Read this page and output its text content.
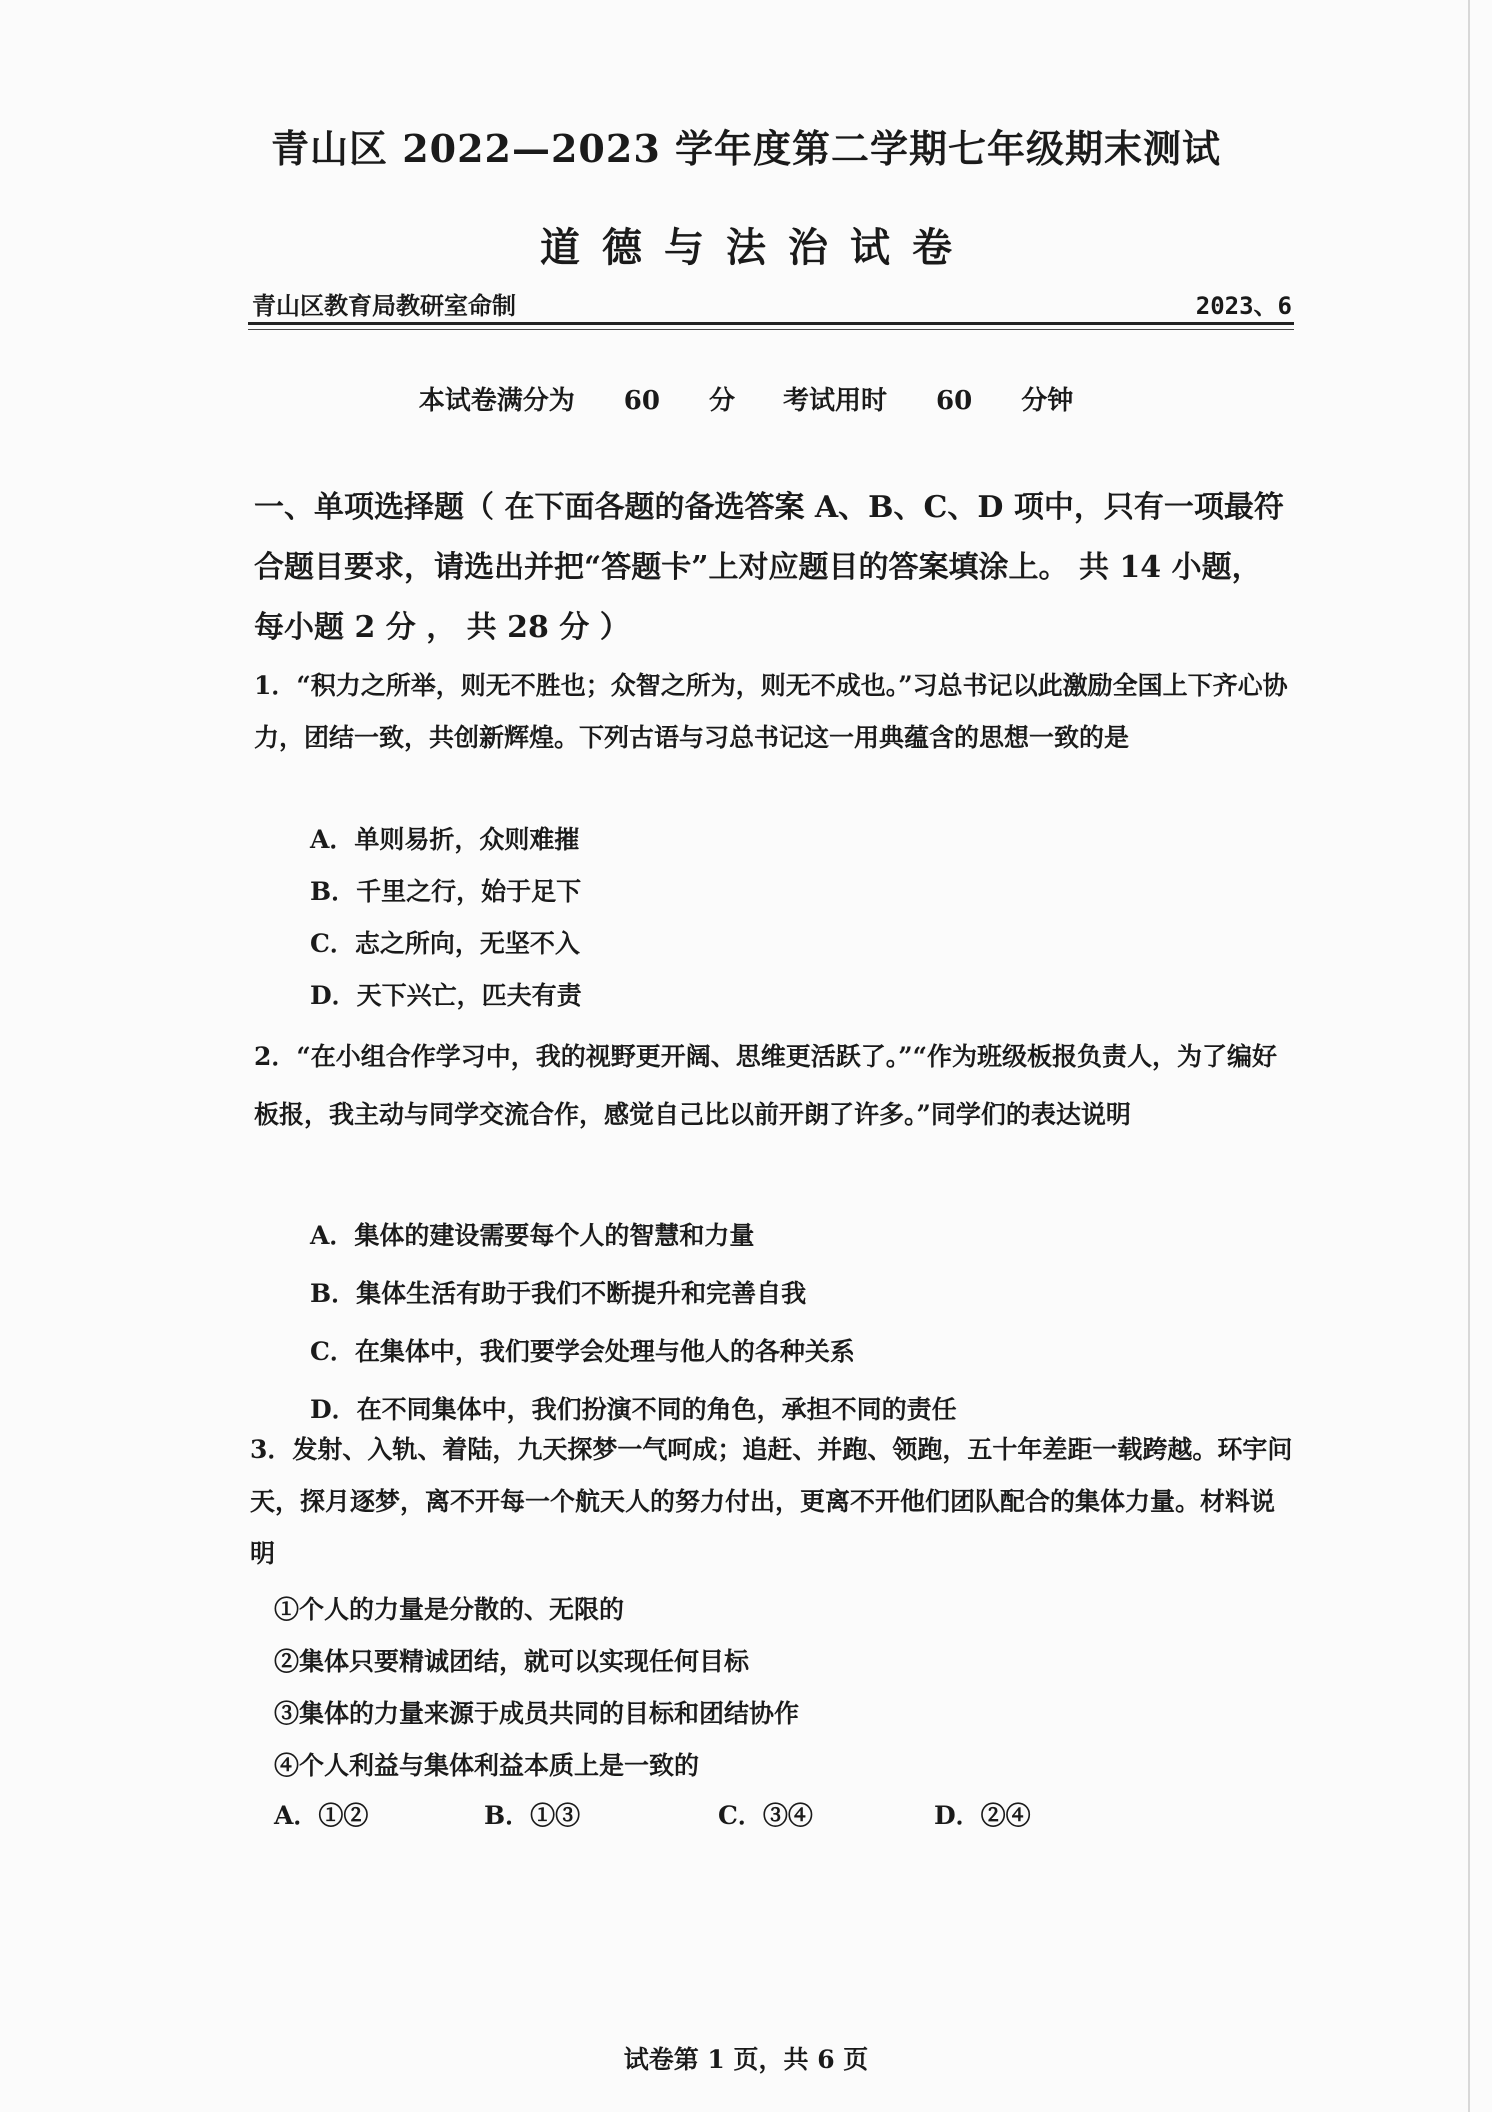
青山区 2022—2023 学年度第二学期七年级期末测试
道德与法治试卷
青山区教育局教研室命制	2023、6
本试卷满分为 60 分 考试用时 60 分钟
一、单项选择题（ 在下面各题的备选答案 A、B、C、D 项中，只有一项最符合题目要求，请选出并把“答题卡”上对应题目的答案填涂上。 共 14 小题， 每小题 2 分 ， 共 28 分 ）
1．“积力之所举，则无不胜也；众智之所为，则无不成也。”习总书记以此激励全国上下齐心协力，团结一致，共创新辉煌。下列古语与习总书记这一用典蕴含的思想一致的是
A．单则易折，众则难摧
B．千里之行，始于足下
C．志之所向，无坚不入
D．天下兴亡，匹夫有责
2．“在小组合作学习中，我的视野更开阔、思维更活跃了。”“作为班级板报负责人，为了编好板报，我主动与同学交流合作，感觉自己比以前开朗了许多。”同学们的表达说明
A．集体的建设需要每个人的智慧和力量
B．集体生活有助于我们不断提升和完善自我
C．在集体中，我们要学会处理与他人的各种关系
D．在不同集体中，我们扮演不同的角色，承担不同的责任
3．发射、入轨、着陆，九天探梦一气呵成；追赶、并跑、领跑，五十年差距一载跨越。环宇问天，探月逐梦，离不开每一个航天人的努力付出，更离不开他们团队配合的集体力量。材料说明
①个人的力量是分散的、无限的
②集体只要精诚团结，就可以实现任何目标
③集体的力量来源于成员共同的目标和团结协作
④个人利益与集体利益本质上是一致的
A．①②	B．①③	C．③④	D．②④
试卷第 1 页，共 6 页
